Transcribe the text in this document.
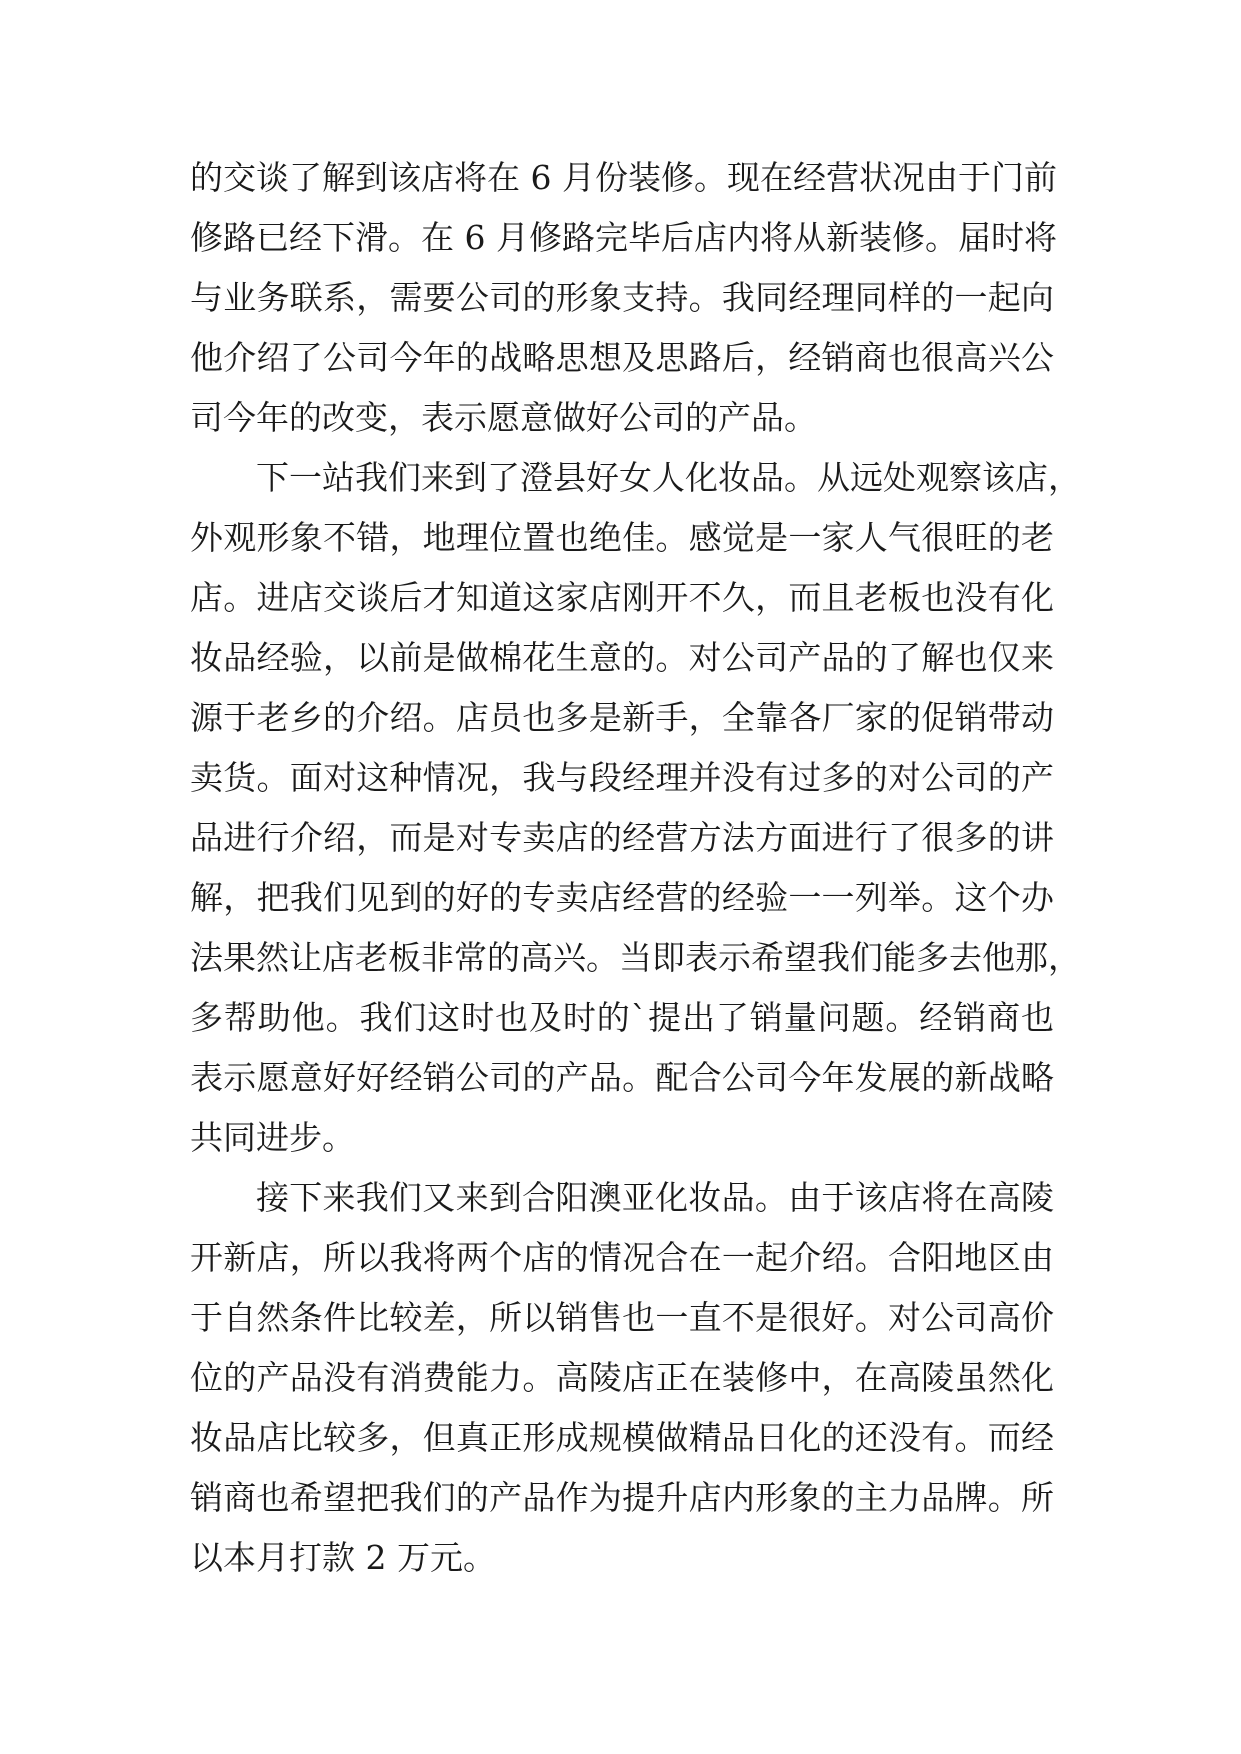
的交谈了解到该店将在 6 月份装修。现在经营状况由于门前
修路已经下滑。在 6 月修路完毕后店内将从新装修。届时将
与业务联系，需要公司的形象支持。我同经理同样的一起向
他介绍了公司今年的战略思想及思路后，经销商也很高兴公
司今年的改变，表示愿意做好公司的产品。
下一站我们来到了澄县好女人化妆品。从远处观察该店，
外观形象不错，地理位置也绝佳。感觉是一家人气很旺的老
店。进店交谈后才知道这家店刚开不久，而且老板也没有化
妆品经验，以前是做棉花生意的。对公司产品的了解也仅来
源于老乡的介绍。店员也多是新手，全靠各厂家的促销带动
卖货。面对这种情况，我与段经理并没有过多的对公司的产
品进行介绍，而是对专卖店的经营方法方面进行了很多的讲
解，把我们见到的好的专卖店经营的经验一一列举。这个办
法果然让店老板非常的高兴。当即表示希望我们能多去他那，
多帮助他。我们这时也及时的`提出了销量问题。经销商也
表示愿意好好经销公司的产品。配合公司今年发展的新战略
共同进步。
接下来我们又来到合阳澳亚化妆品。由于该店将在高陵
开新店，所以我将两个店的情况合在一起介绍。合阳地区由
于自然条件比较差，所以销售也一直不是很好。对公司高价
位的产品没有消费能力。高陵店正在装修中，在高陵虽然化
妆品店比较多，但真正形成规模做精品日化的还没有。而经
销商也希望把我们的产品作为提升店内形象的主力品牌。所
以本月打款 2 万元。
